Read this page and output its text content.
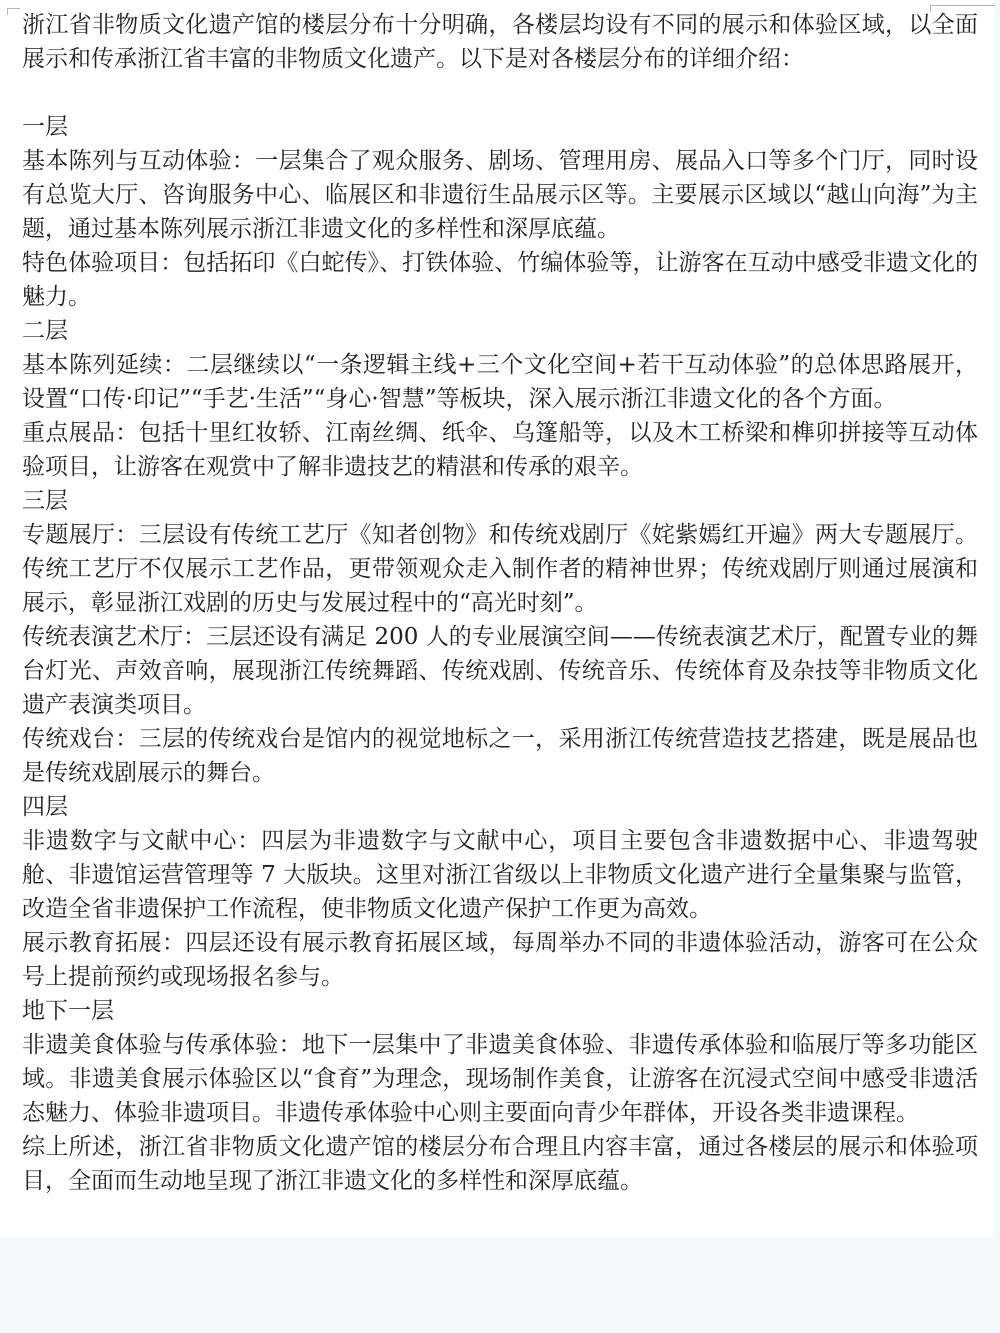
浙江省非物质文化遗产馆的楼层分布十分明确，各楼层均设有不同的展示和体验区域，以全面展示和传承浙江省丰富的非物质文化遗产。以下是对各楼层分布的详细介绍：

一层

基本陈列与互动体验：一层集合了观众服务、剧场、管理用房、展品入口等多个门厅，同时设有总览大厅、咨询服务中心、临展区和非遗衍生品展示区等。主要展示区域以“越山向海”为主题，通过基本陈列展示浙江非遗文化的多样性和深厚底蕴。

特色体验项目：包括拓印《白蛇传》、打铁体验、竹编体验等，让游客在互动中感受非遗文化的魅力。

二层

基本陈列延续：二层继续以“一条逻辑主线+三个文化空间+若干互动体验”的总体思路展开，设置“口传·印记”“手艺·生活”“身心·智慧”等板块，深入展示浙江非遗文化的各个方面。

重点展品：包括十里红妆轿、江南丝绸、纸伞、乌篷船等，以及木工桥梁和榫卯拼接等互动体验项目，让游客在观赏中了解非遗技艺的精湛和传承的艰辛。

三层

专题展厅：三层设有传统工艺厅《知者创物》和传统戏剧厅《姹紫嫣红开遍》两大专题展厅。传统工艺厅不仅展示工艺作品，更带领观众走入制作者的精神世界；传统戏剧厅则通过展演和展示，彰显浙江戏剧的历史与发展过程中的“高光时刻”。

传统表演艺术厅：三层还设有满足 200 人的专业展演空间——传统表演艺术厅，配置专业的舞台灯光、声效音响，展现浙江传统舞蹈、传统戏剧、传统音乐、传统体育及杂技等非物质文化遗产表演类项目。

传统戏台：三层的传统戏台是馆内的视觉地标之一，采用浙江传统营造技艺搭建，既是展品也是传统戏剧展示的舞台。

四层

非遗数字与文献中心：四层为非遗数字与文献中心，项目主要包含非遗数据中心、非遗驾驶舱、非遗馆运营管理等 7 大版块。这里对浙江省级以上非物质文化遗产进行全量集聚与监管，改造全省非遗保护工作流程，使非物质文化遗产保护工作更为高效。

展示教育拓展：四层还设有展示教育拓展区域，每周举办不同的非遗体验活动，游客可在公众号上提前预约或现场报名参与。

地下一层

非遗美食体验与传承体验：地下一层集中了非遗美食体验、非遗传承体验和临展厅等多功能区域。非遗美食展示体验区以“食育”为理念，现场制作美食，让游客在沉浸式空间中感受非遗活态魅力、体验非遗项目。非遗传承体验中心则主要面向青少年群体，开设各类非遗课程。

综上所述，浙江省非物质文化遗产馆的楼层分布合理且内容丰富，通过各楼层的展示和体验项目，全面而生动地呈现了浙江非遗文化的多样性和深厚底蕴。
